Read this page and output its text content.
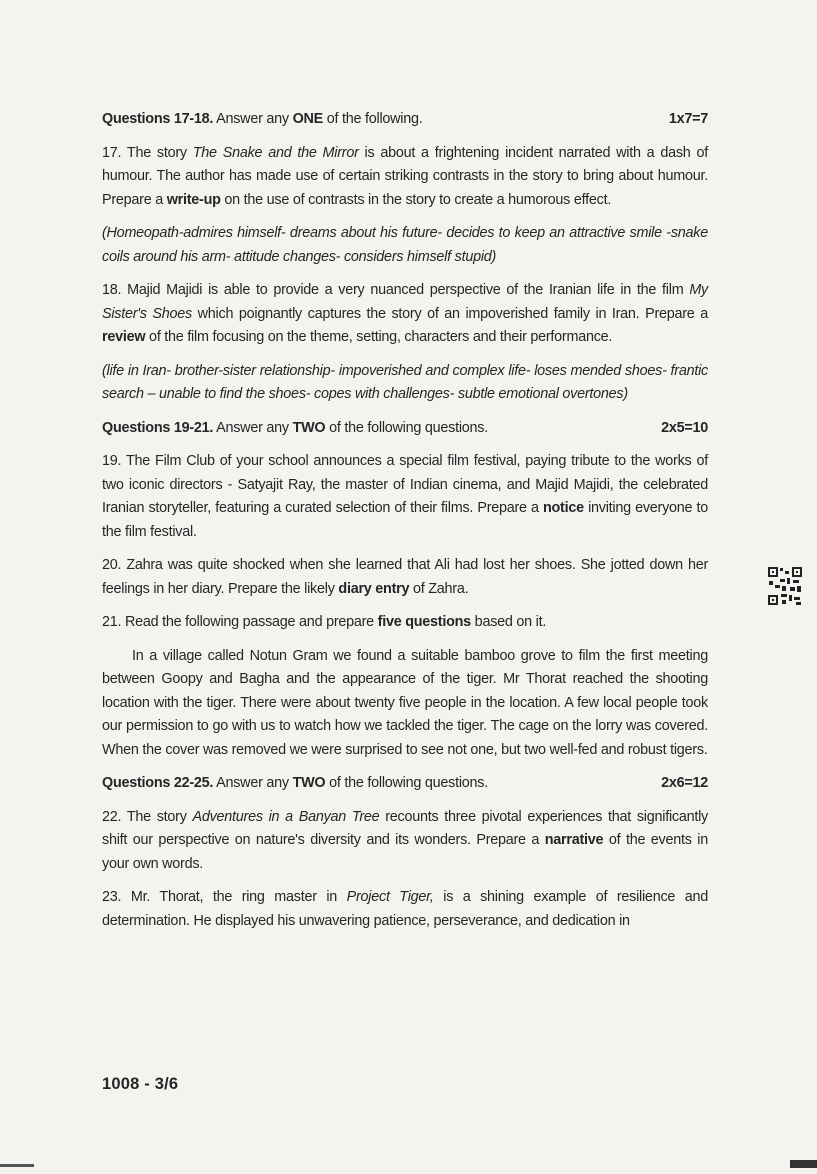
Questions 17-18. Answer any ONE of the following.	1x7=7

17. The story The Snake and the Mirror is about a frightening incident narrated with a dash of humour. The author has made use of certain striking contrasts in the story to bring about humour. Prepare a write-up on the use of contrasts in the story to create a humorous effect.

(Homeopath-admires himself- dreams about his future- decides to keep an attractive smile -snake coils around his arm- attitude changes- considers himself stupid)

18. Majid Majidi is able to provide a very nuanced perspective of the Iranian life in the film My Sister's Shoes which poignantly captures the story of an impoverished family in Iran. Prepare a review of the film focusing on the theme, setting, characters and their performance.

(life in Iran- brother-sister relationship- impoverished and complex life- loses mended shoes- frantic search – unable to find the shoes- copes with challenges- subtle emotional overtones)

Questions 19-21. Answer any TWO of the following questions.	2x5=10

19. The Film Club of your school announces a special film festival, paying tribute to the works of two iconic directors - Satyajit Ray, the master of Indian cinema, and Majid Majidi, the celebrated Iranian storyteller, featuring a curated selection of their films. Prepare a notice inviting everyone to the film festival.

20. Zahra was quite shocked when she learned that Ali had lost her shoes. She jotted down her feelings in her diary. Prepare the likely diary entry of Zahra.

21. Read the following passage and prepare five questions based on it.

In a village called Notun Gram we found a suitable bamboo grove to film the first meeting between Goopy and Bagha and the appearance of the tiger. Mr Thorat reached the shooting location with the tiger. There were about twenty five people in the location. A few local people took our permission to go with us to watch how we tackled the tiger. The cage on the lorry was covered. When the cover was removed we were surprised to see not one, but two well-fed and robust tigers.

Questions 22-25. Answer any TWO of the following questions.	2x6=12

22. The story Adventures in a Banyan Tree recounts three pivotal experiences that significantly shift our perspective on nature's diversity and its wonders. Prepare a narrative of the events in your own words.

23. Mr. Thorat, the ring master in Project Tiger, is a shining example of resilience and determination. He displayed his unwavering patience, perseverance, and dedication in

1008 - 3/6
